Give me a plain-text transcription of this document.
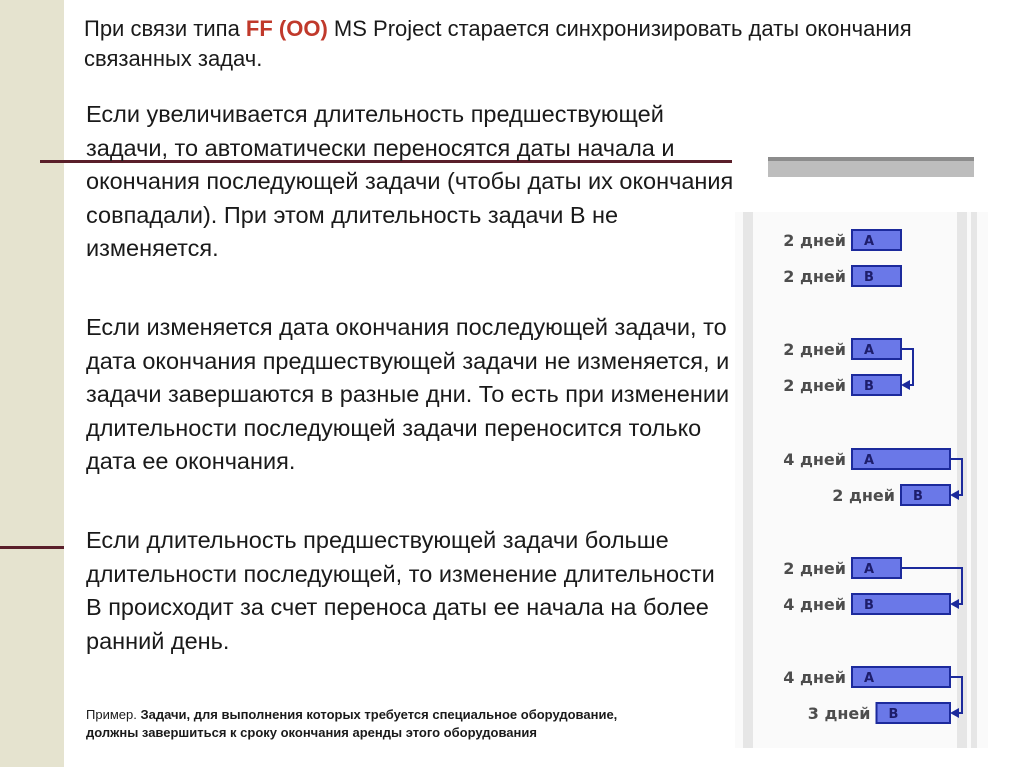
При связи типа FF (OO) MS Project старается синхронизировать даты окончания связанных задач.
Если увеличивается длительность предшествующей задачи, то автоматически переносятся даты начала и окончания последующей задачи (чтобы даты их окончания совпадали). При этом длительность задачи В не изменяется.
Если изменяется дата окончания последующей задачи, то дата окончания предшествующей задачи не изменяется, и задачи завершаются в разные дни. То есть при изменении длительности последующей задачи переносится только дата ее окончания.
Если длительность предшествующей задачи больше длительности последующей, то изменение длительности В происходит за счет переноса даты ее начала на более ранний день.
Пример. Задачи, для выполнения которых требуется специальное оборудование, должны завершиться к сроку окончания аренды этого оборудования
2 дней
2 дней
A
B
2 дней
2 дней
A
B
4 дней
2 дней
A
B
2 дней
4 дней
A
B
4 дней
3 дней
A
B
